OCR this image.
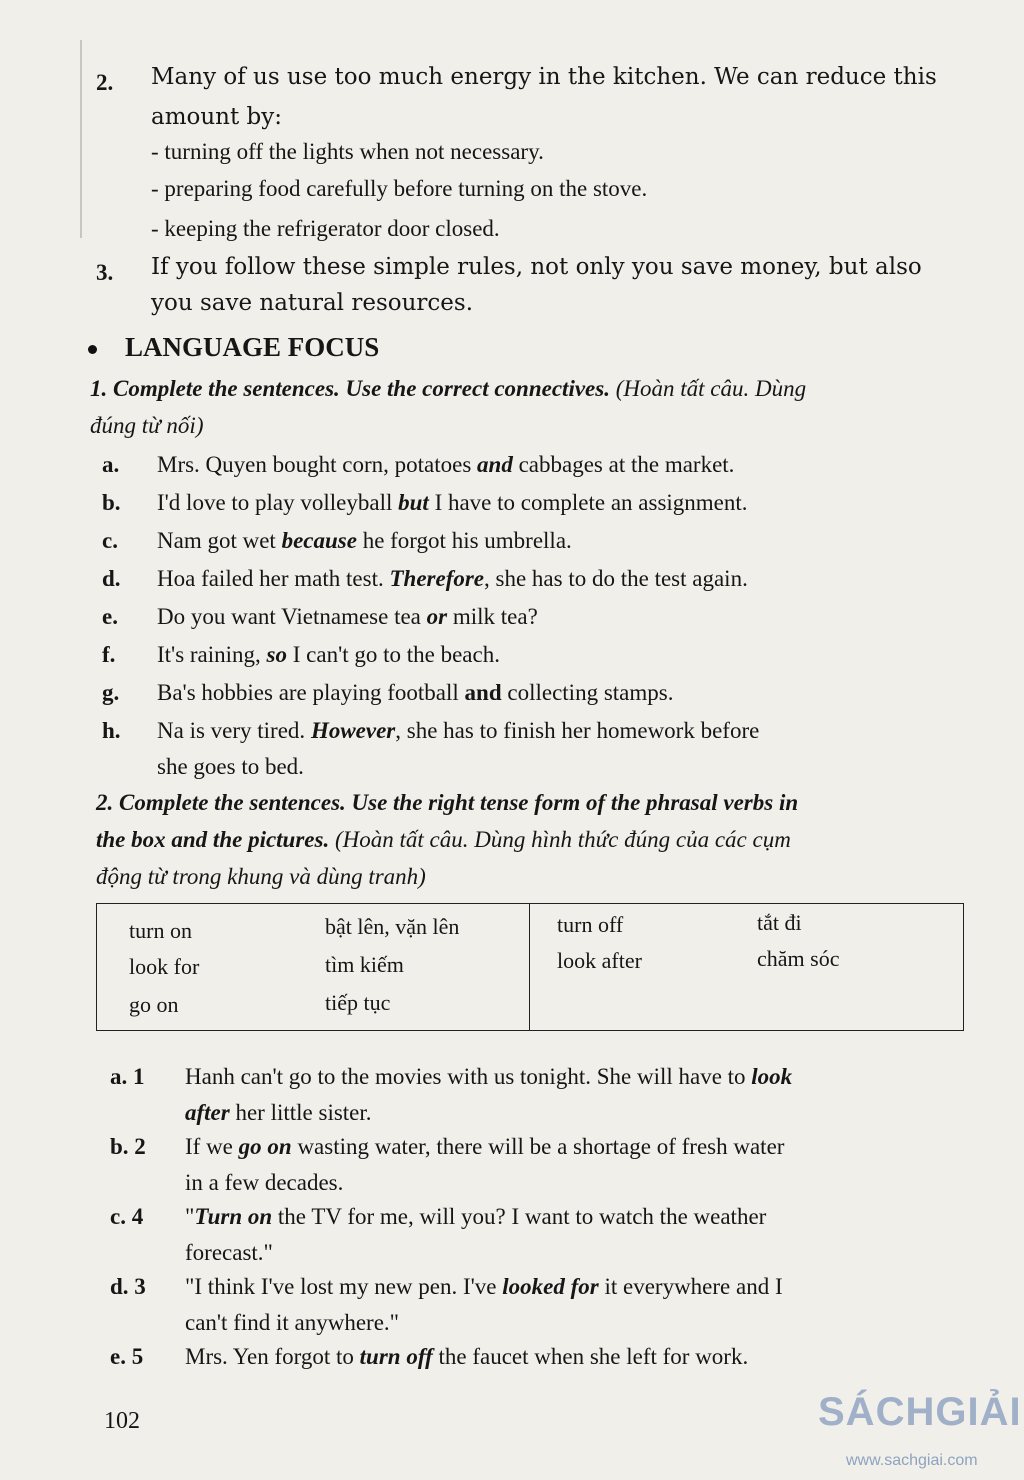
2. Many of us use too much energy in the kitchen. We can reduce this
amount by:
- turning off the lights when not necessary.
- preparing food carefully before turning on the stove.
- keeping the refrigerator door closed.
3. If you follow these simple rules, not only you save money, but also
you save natural resources.
LANGUAGE FOCUS
1. Complete the sentences. Use the correct connectives. (Hoàn tất câu. Dùng
đúng từ nối)
a. Mrs. Quyen bought corn, potatoes and cabbages at the market.
b. I'd love to play volleyball but I have to complete an assignment.
c. Nam got wet because he forgot his umbrella.
d. Hoa failed her math test. Therefore, she has to do the test again.
e. Do you want Vietnamese tea or milk tea?
f. It's raining, so I can't go to the beach.
g. Ba's hobbies are playing football and collecting stamps.
h. Na is very tired. However, she has to finish her homework before
she goes to bed.
2. Complete the sentences. Use the right tense form of the phrasal verbs in
the box and the pictures. (Hoàn tất câu. Dùng hình thức đúng của các cụm
động từ trong khung và dùng tranh)
turn on	bật lên, vặn lên
look for	tìm kiếm
go on	tiếp tục
turn off	tắt đi
look after	chăm sóc
a. 1 Hanh can't go to the movies with us tonight. She will have to look
after her little sister.
b. 2 If we go on wasting water, there will be a shortage of fresh water
in a few decades.
c. 4 "Turn on the TV for me, will you? I want to watch the weather
forecast."
d. 3 "I think I've lost my new pen. I've looked for it everywhere and I
can't find it anywhere."
e. 5 Mrs. Yen forgot to turn off the faucet when she left for work.
102	SÁCHGIẢI
www.sachgiai.com
